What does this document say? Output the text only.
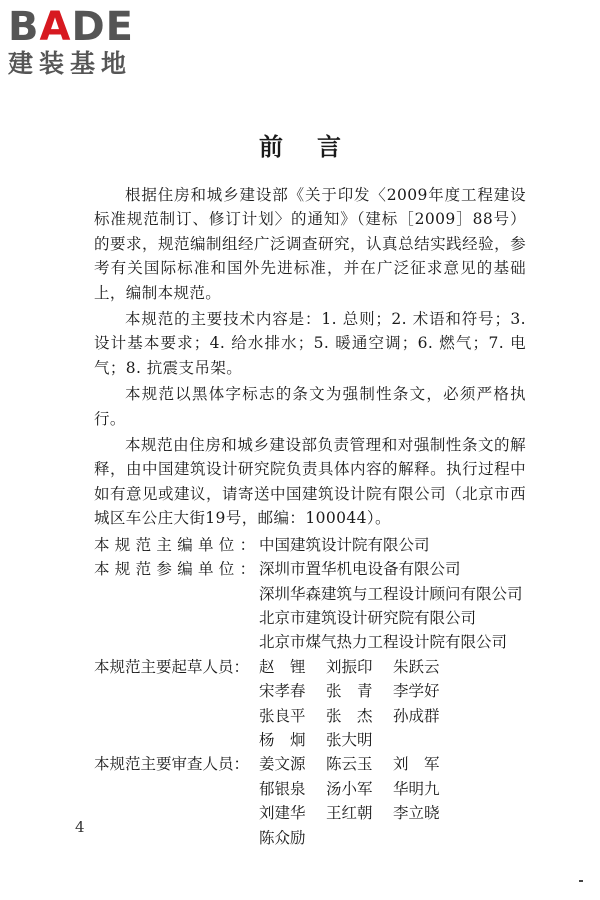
BADE
建装基地
前言

根据住房和城乡建设部《关于印发〈2009年度工程建设标准规范制订、修订计划〉的通知》（建标［2009］88号）的要求，规范编制组经广泛调查研究，认真总结实践经验，参考有关国际标准和国外先进标准，并在广泛征求意见的基础上，编制本规范。

本规范的主要技术内容是：1. 总则；2. 术语和符号；3. 设计基本要求；4. 给水排水；5. 暖通空调；6. 燃气；7. 电气；8. 抗震支吊架。

本规范以黑体字标志的条文为强制性条文，必须严格执行。

本规范由住房和城乡建设部负责管理和对强制性条文的解释，由中国建筑设计研究院负责具体内容的解释。执行过程中如有意见或建议，请寄送中国建筑设计院有限公司（北京市西城区车公庄大街19号，邮编：100044）。

本规范主编单位：
中国建筑设计院有限公司
本规范参编单位：
深圳市置华机电设备有限公司
深圳华森建筑与工程设计顾问有限公司
北京市建筑设计研究院有限公司
北京市煤气热力工程设计院有限公司
本规范主要起草人员： 赵　锂	刘振印	朱跃云
宋孝春	张　青	李学好
张良平	张　杰	孙成群
杨　炯	张大明
本规范主要审查人员： 姜文源	陈云玉	刘　军
郁银泉	汤小军	华明九
刘建华	王红朝	李立晓
陈众励
4
